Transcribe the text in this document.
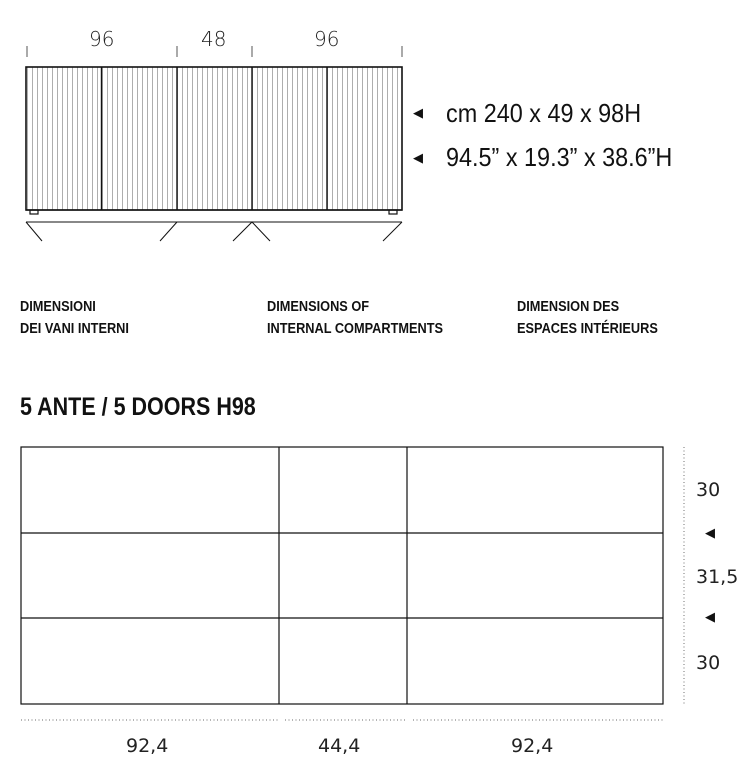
96	48	96
◀ cm 240 x 49 x 98H
◀ 94.5” x 19.3” x 38.6”H
DIMENSIONI
DEI VANI INTERNI
DIMENSIONS OF
INTERNAL COMPARTMENTS
DIMENSION DES
ESPACES INTÉRIEURS
5 ANTE / 5 DOORS H98
30
◀
31,5
◀
30
92,4	44,4	92,4
